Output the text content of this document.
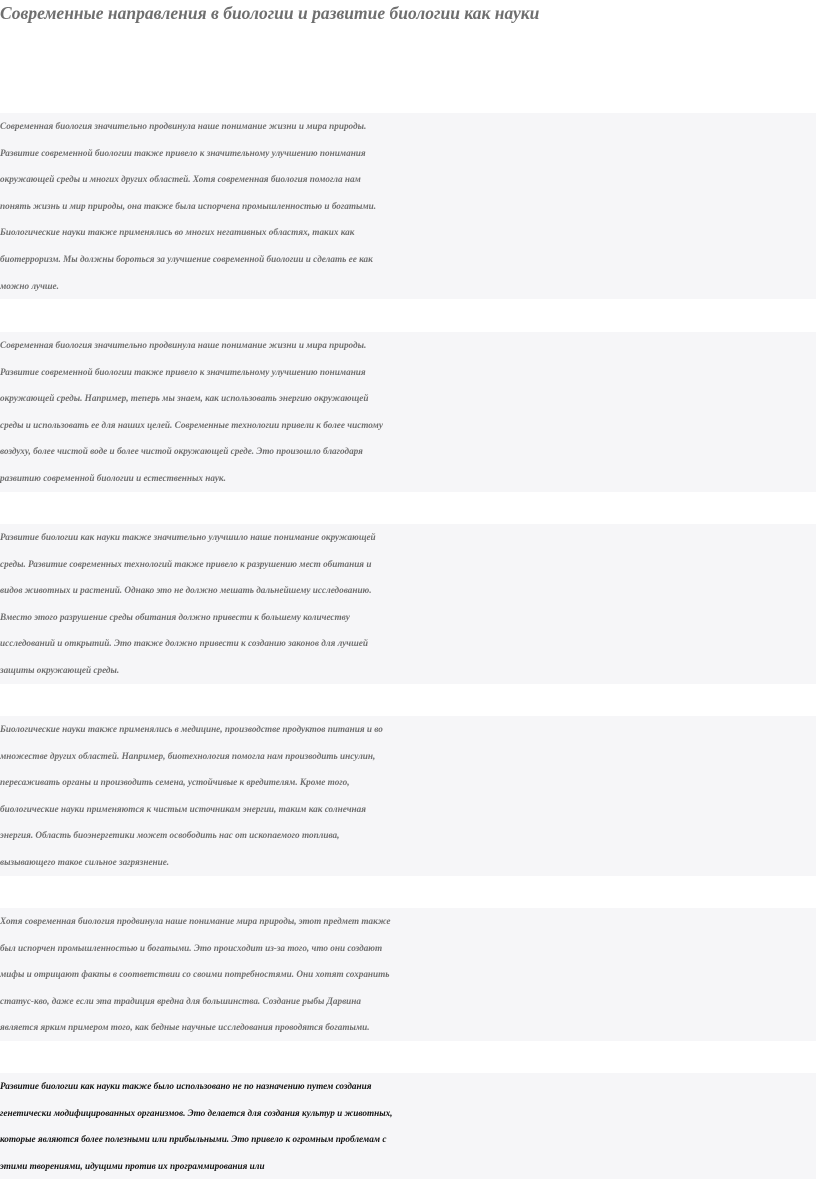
Современные направления в биологии и развитие биологии как науки

Современная биология значительно продвинула наше понимание жизни и мира природы.
Развитие современной биологии также привело к значительному улучшению понимания
окружающей среды и многих других областей. Хотя современная биология помогла нам
понять жизнь и мир природы, она также была испорчена промышленностью и богатыми.
Биологические науки также применялись во многих негативных областях, таких как
биотерроризм. Мы должны бороться за улучшение современной биологии и сделать ее как
можно лучше.

Современная биология значительно продвинула наше понимание жизни и мира природы.
Развитие современной биологии также привело к значительному улучшению понимания
окружающей среды. Например, теперь мы знаем, как использовать энергию окружающей
среды и использовать ее для наших целей. Современные технологии привели к более чистому
воздуху, более чистой воде и более чистой окружающей среде. Это произошло благодаря
развитию современной биологии и естественных наук.

Развитие биологии как науки также значительно улучшило наше понимание окружающей
среды. Развитие современных технологий также привело к разрушению мест обитания и
видов животных и растений. Однако это не должно мешать дальнейшему исследованию.
Вместо этого разрушение среды обитания должно привести к большему количеству
исследований и открытий. Это также должно привести к созданию законов для лучшей
защиты окружающей среды.

Биологические науки также применялись в медицине, производстве продуктов питания и во
множестве других областей. Например, биотехнология помогла нам производить инсулин,
пересаживать органы и производить семена, устойчивые к вредителям. Кроме того,
биологические науки применяются к чистым источникам энергии, таким как солнечная
энергия. Область биоэнергетики может освободить нас от ископаемого топлива,
вызывающего такое сильное загрязнение.

Хотя современная биология продвинула наше понимание мира природы, этот предмет также
был испорчен промышленностью и богатыми. Это происходит из-за того, что они создают
мифы и отрицают факты в соответствии со своими потребностями. Они хотят сохранить
статус-кво, даже если эта традиция вредна для большинства. Создание рыбы Дарвина
является ярким примером того, как бедные научные исследования проводятся богатыми.

Развитие биологии как науки также было использовано не по назначению путем создания
генетически модифицированных организмов. Это делается для создания культур и животных,
которые являются более полезными или прибыльными. Это привело к огромным проблемам с
этими творениями, идущими против их программирования или
